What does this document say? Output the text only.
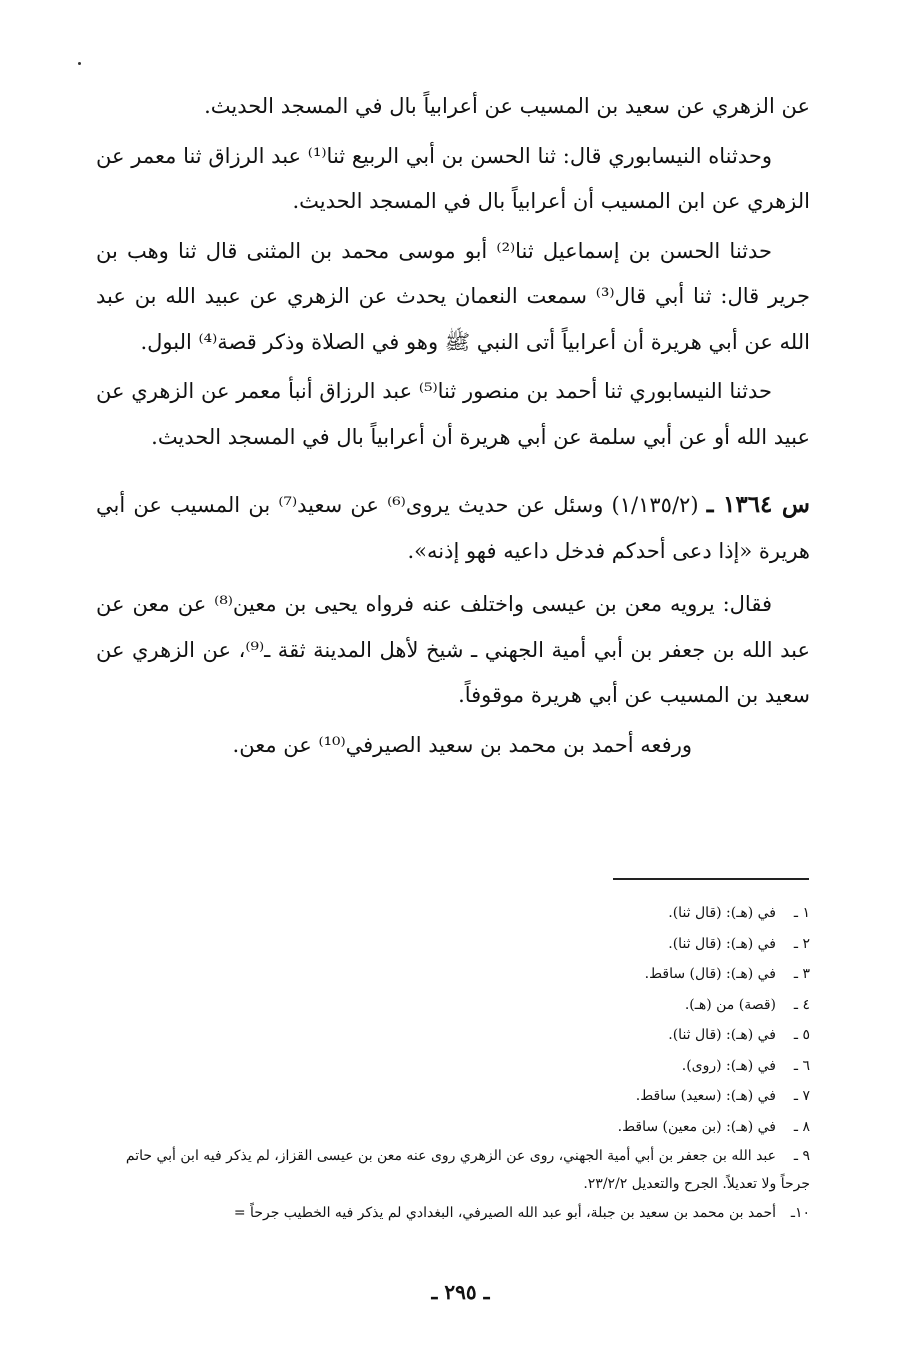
عن الزهري عن سعيد بن المسيب عن أعرابياً بال في المسجد الحديث.

وحدثناه النيسابوري قال: ثنا الحسن بن أبي الربيع ثنا⁽¹⁾ عبد الرزاق ثنا معمر عن الزهري عن ابن المسيب أن أعرابياً بال في المسجد الحديث.

حدثنا الحسن بن إسماعيل ثنا⁽²⁾ أبو موسى محمد بن المثنى قال ثنا وهب بن جرير قال: ثنا أبي قال⁽³⁾ سمعت النعمان يحدث عن الزهري عن عبيد الله بن عبد الله عن أبي هريرة أن أعرابياً أتى النبي ﷺ وهو في الصلاة وذكر قصة⁽⁴⁾ البول.

حدثنا النيسابوري ثنا أحمد بن منصور ثنا⁽⁵⁾ عبد الرزاق أنبأ معمر عن الزهري عن عبيد الله أو عن أبي سلمة عن أبي هريرة أن أعرابياً بال في المسجد الحديث.

س ١٣٦٤ ـ (١/١٣٥/٢) وسئل عن حديث يروى⁽⁶⁾ عن سعيد⁽⁷⁾ بن المسيب عن أبي هريرة «إذا دعى أحدكم فدخل داعيه فهو إذنه».

فقال: يرويه معن بن عيسى واختلف عنه فرواه يحيى بن معين⁽⁸⁾ عن معن عن عبد الله بن جعفر بن أبي أمية الجهني ـ شيخ لأهل المدينة ثقة ـ⁽⁹⁾، عن الزهري عن سعيد بن المسيب عن أبي هريرة موقوفاً.

ورفعه أحمد بن محمد بن سعيد الصيرفي⁽¹⁰⁾ عن معن.

١ ـفي (هـ): (قال ثنا).

٢ ـفي (هـ): (قال ثنا).

٣ ـفي (هـ): (قال) ساقط.

٤ ـ(قصة) من (هـ).

٥ ـفي (هـ): (قال ثنا).

٦ ـفي (هـ): (روى).

٧ ـفي (هـ): (سعيد) ساقط.

٨ ـفي (هـ): (بن معين) ساقط.

٩ ـعبد الله بن جعفر بن أبي أمية الجهني، روى عن الزهري روى عنه معن بن عيسى القزاز، لم يذكر فيه ابن أبي حاتم جرحاً ولا تعديلاً. الجرح والتعديل ٢٣/٢/٢.

١٠ـأحمد بن محمد بن سعيد بن جبلة، أبو عبد الله الصيرفي، البغدادي لم يذكر فيه الخطيب جرحاً =

ـ ٢٩٥ ـ
